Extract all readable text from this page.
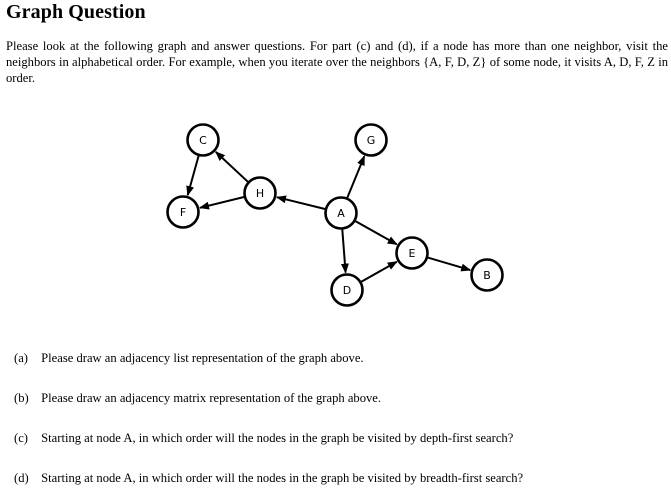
Graph Question
Please look at the following graph and answer questions. For part (c) and (d), if a node has more than one neighbor, visit the neighbors in alphabetical order. For example, when you iterate over the neighbors {A, F, D, Z} of some node, it visits A, D, F, Z in order.
C	G
H
F	A
E
B
D
(a) Please draw an adjacency list representation of the graph above.
(b) Please draw an adjacency matrix representation of the graph above.
(c) Starting at node A, in which order will the nodes in the graph be visited by depth-first search?
(d) Starting at node A, in which order will the nodes in the graph be visited by breadth-first search?
